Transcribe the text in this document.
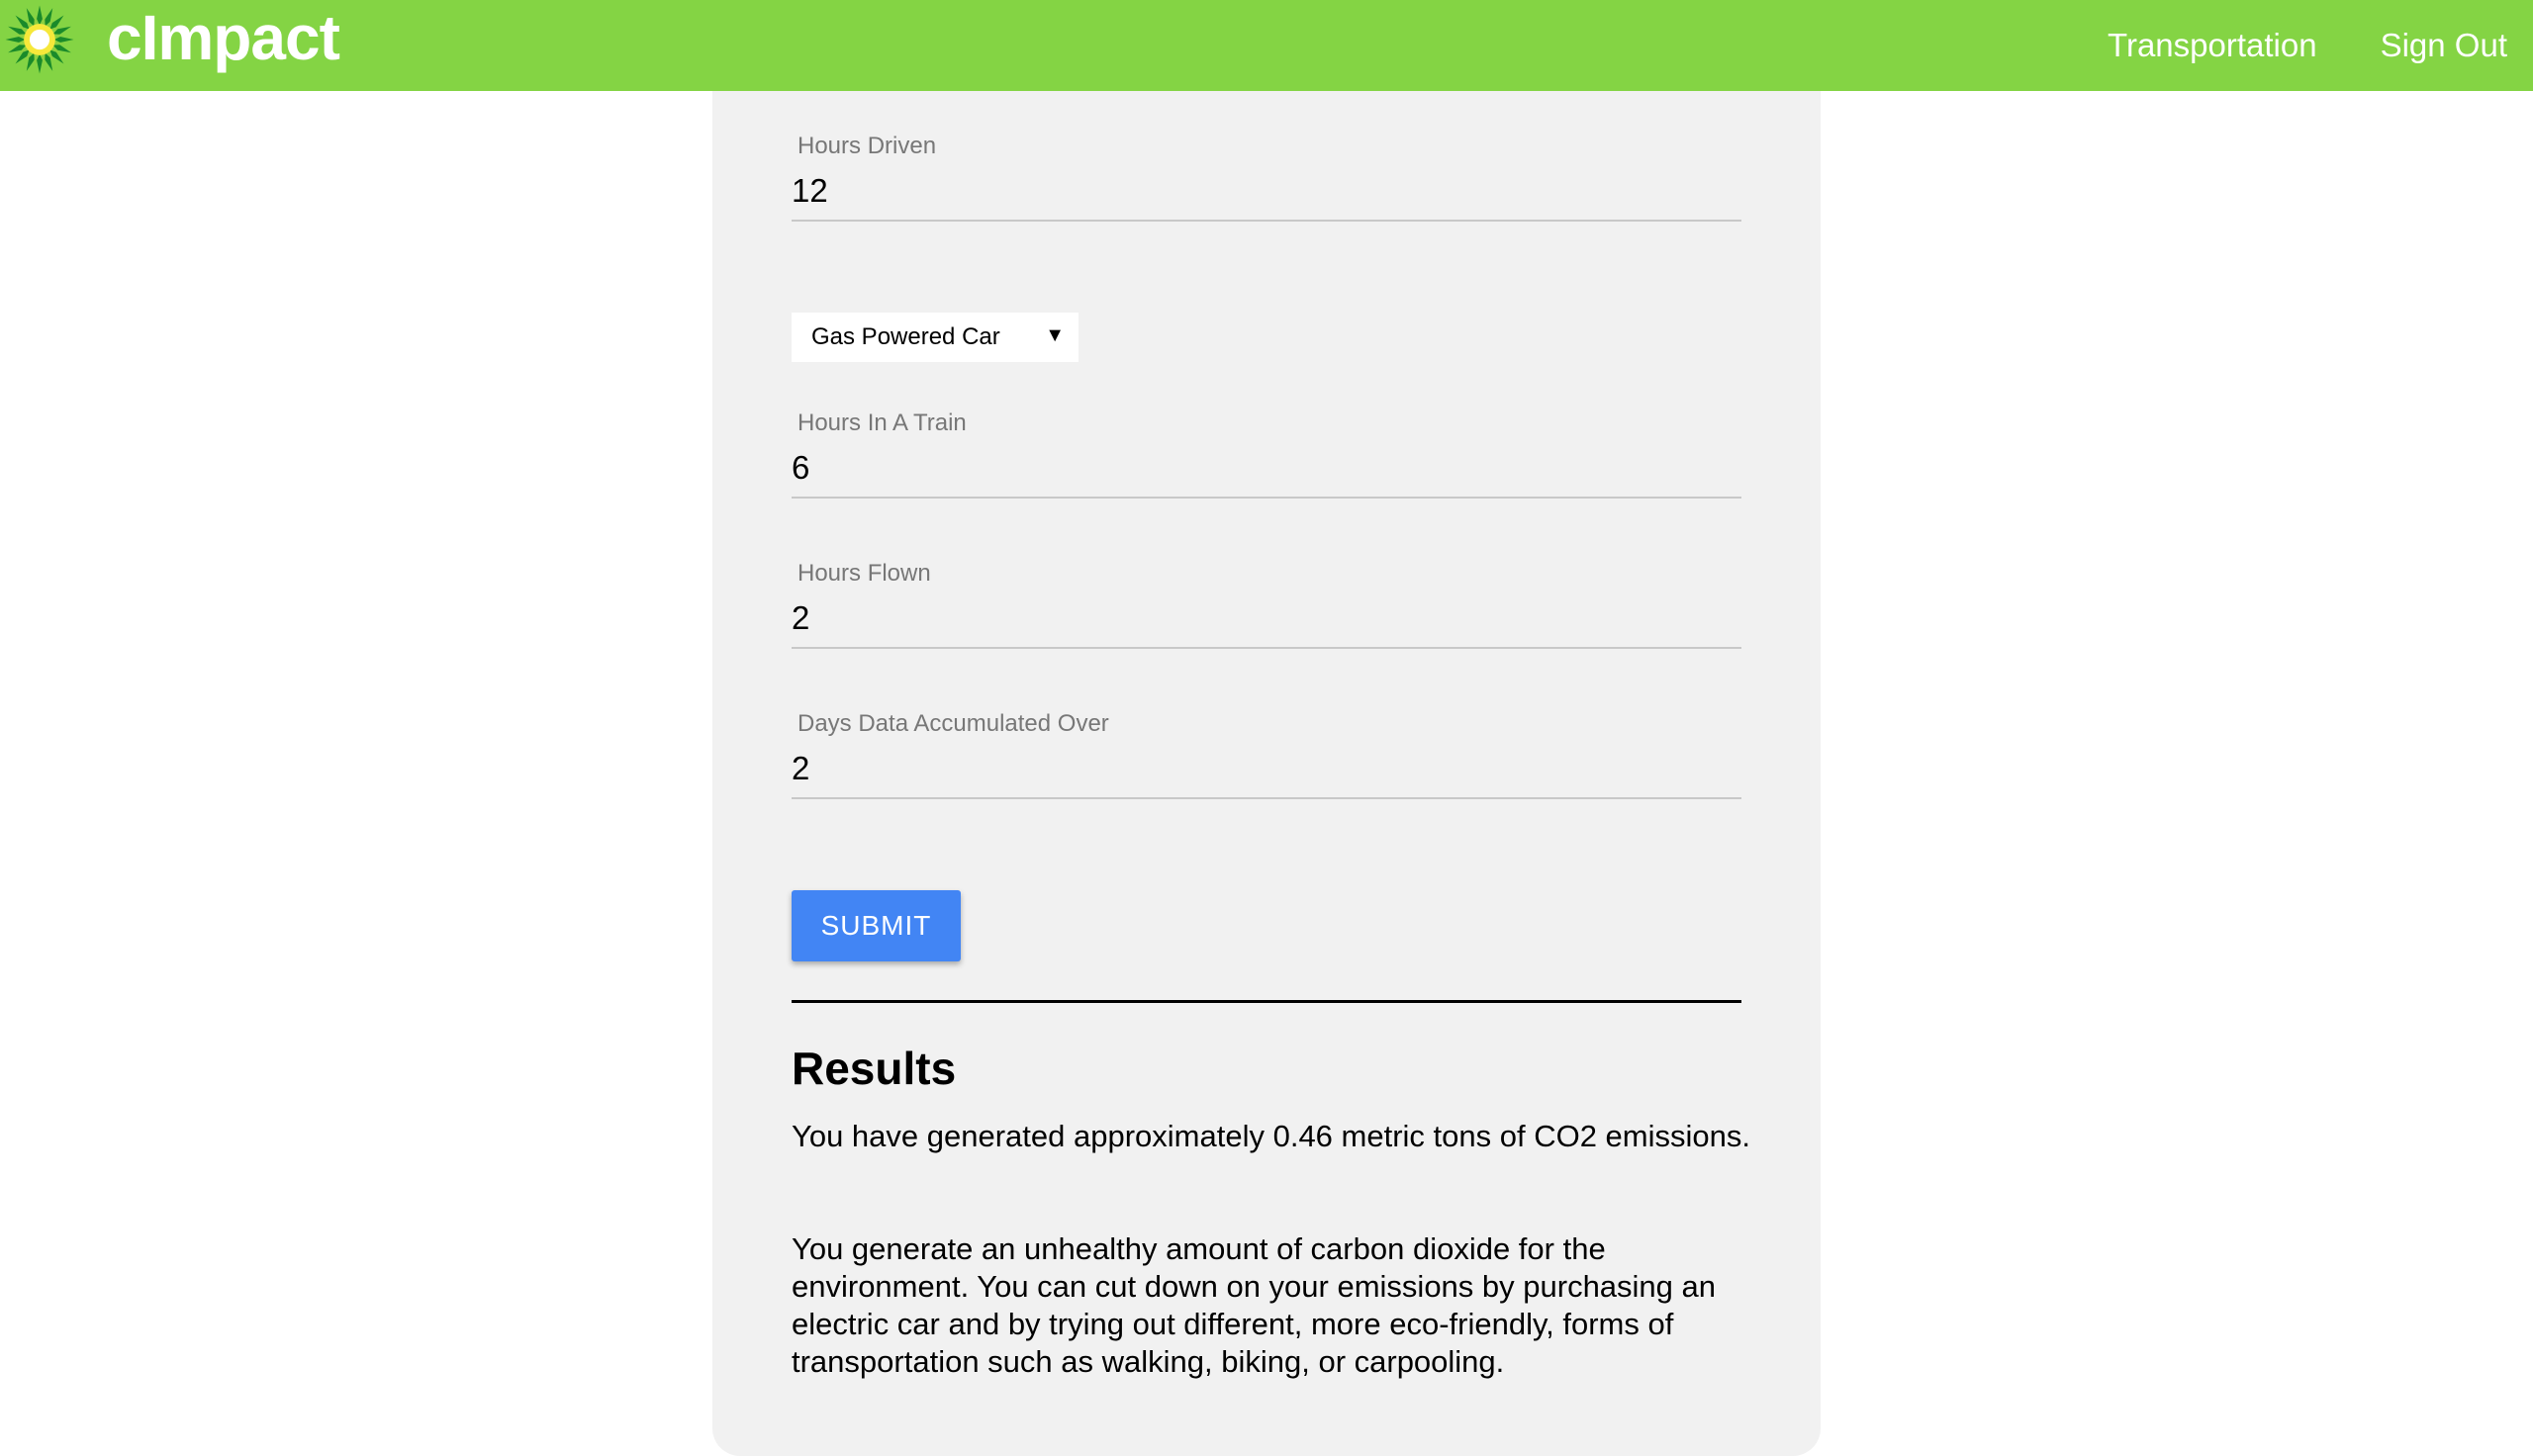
cImpact	Transportation Sign Out
Hours Driven
12
Gas Powered Car ▼
Hours In A Train
6
Hours Flown
2
Days Data Accumulated Over
2
SUBMIT
Results

You have generated approximately 0.46 metric tons of CO2 emissions.

You generate an unhealthy amount of carbon dioxide for the environment. You can cut down on your emissions by purchasing an electric car and by trying out different, more eco-friendly, forms of transportation such as walking, biking, or carpooling.
